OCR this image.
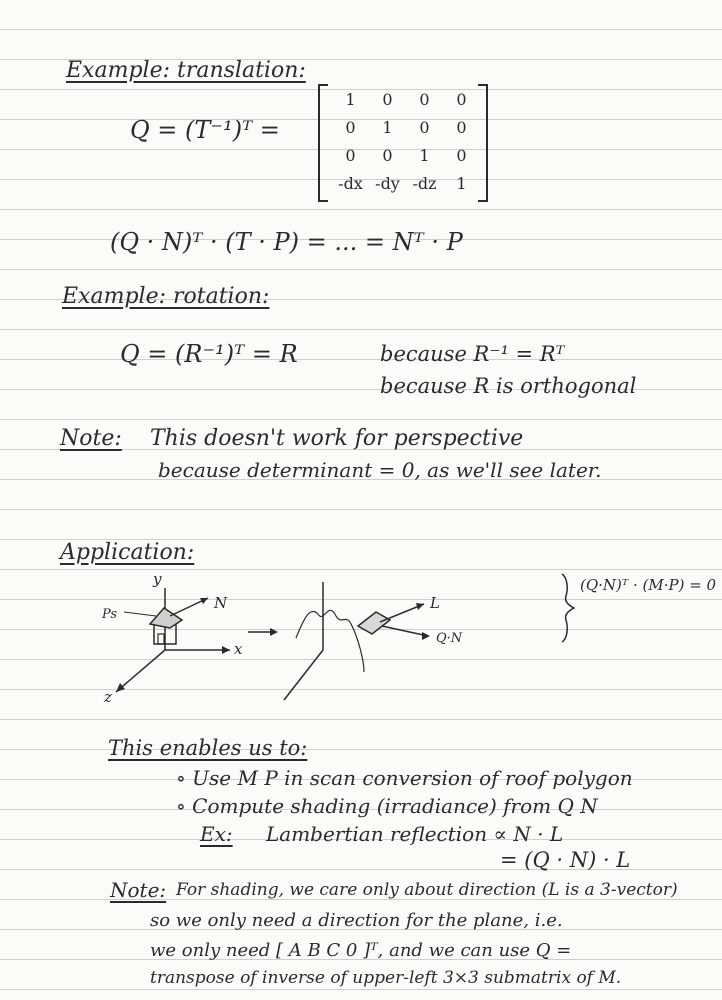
Example: translation:
Q = (T⁻¹)ᵀ =
1	0	0	0
0	1	0	0
0	0	1	0
-dx -dy -dz	1
(Q · N)ᵀ · (T · P) = ... = Nᵀ · P
Example: rotation:
Q = (R⁻¹)ᵀ = R	because R⁻¹ = Rᵀ
because R is orthogonal
Note: This doesn't work for perspective
because determinant = 0, as we'll see later.
Application:
y
x
z
N
Ps
L
Q·N
(Q·N)ᵀ · (M·P) = 0
This enables us to:
∘ Use M P in scan conversion of roof polygon
∘ Compute shading (irradiance) from Q N
Ex: Lambertian reflection ∝ N · L
= (Q · N) · L
Note: For shading, we care only about direction (L is a 3-vector)
so we only need a direction for the plane, i.e.
we only need [ A B C 0 ]ᵀ, and we can use Q =
transpose of inverse of upper-left 3×3 submatrix of M.
